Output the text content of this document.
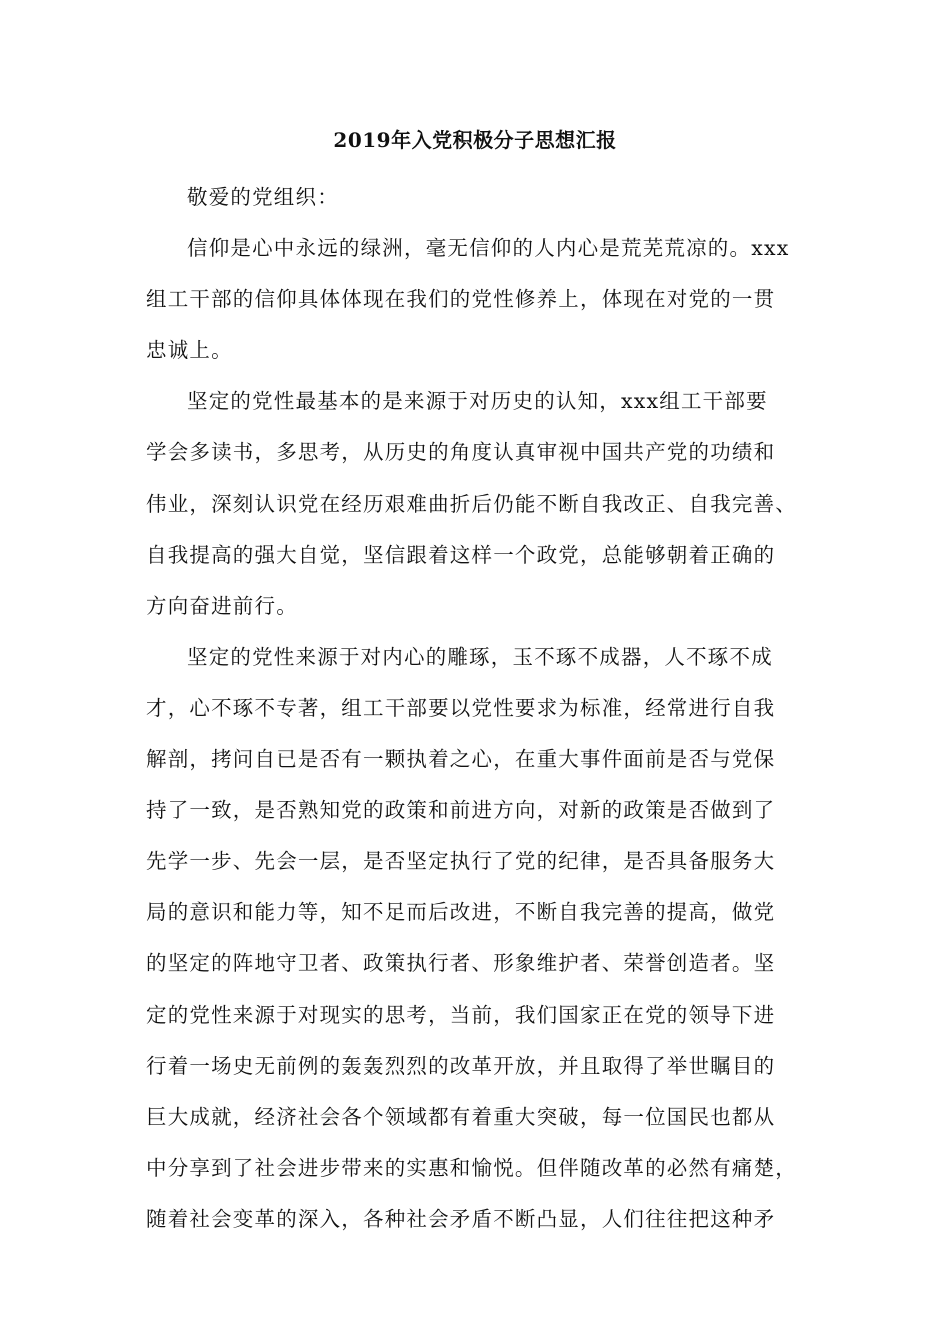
2019年入党积极分子思想汇报

敬爱的党组织：

信仰是心中永远的绿洲，毫无信仰的人内心是荒芜荒凉的。xxx
组工干部的信仰具体体现在我们的党性修养上，体现在对党的一贯
忠诚上。
坚定的党性最基本的是来源于对历史的认知，xxx组工干部要
学会多读书，多思考，从历史的角度认真审视中国共产党的功绩和
伟业，深刻认识党在经历艰难曲折后仍能不断自我改正、自我完善、
自我提高的强大自觉，坚信跟着这样一个政党，总能够朝着正确的
方向奋进前行。
坚定的党性来源于对内心的雕琢，玉不琢不成器，人不琢不成
才，心不琢不专著，组工干部要以党性要求为标准，经常进行自我
解剖，拷问自已是否有一颗执着之心，在重大事件面前是否与党保
持了一致，是否熟知党的政策和前进方向，对新的政策是否做到了
先学一步、先会一层，是否坚定执行了党的纪律，是否具备服务大
局的意识和能力等，知不足而后改进，不断自我完善的提高，做党
的坚定的阵地守卫者、政策执行者、形象维护者、荣誉创造者。坚
定的党性来源于对现实的思考，当前，我们国家正在党的领导下进
行着一场史无前例的轰轰烈烈的改革开放，并且取得了举世瞩目的
巨大成就，经济社会各个领域都有着重大突破，每一位国民也都从
中分享到了社会进步带来的实惠和愉悦。但伴随改革的必然有痛楚，
随着社会变革的深入，各种社会矛盾不断凸显，人们往往把这种矛
